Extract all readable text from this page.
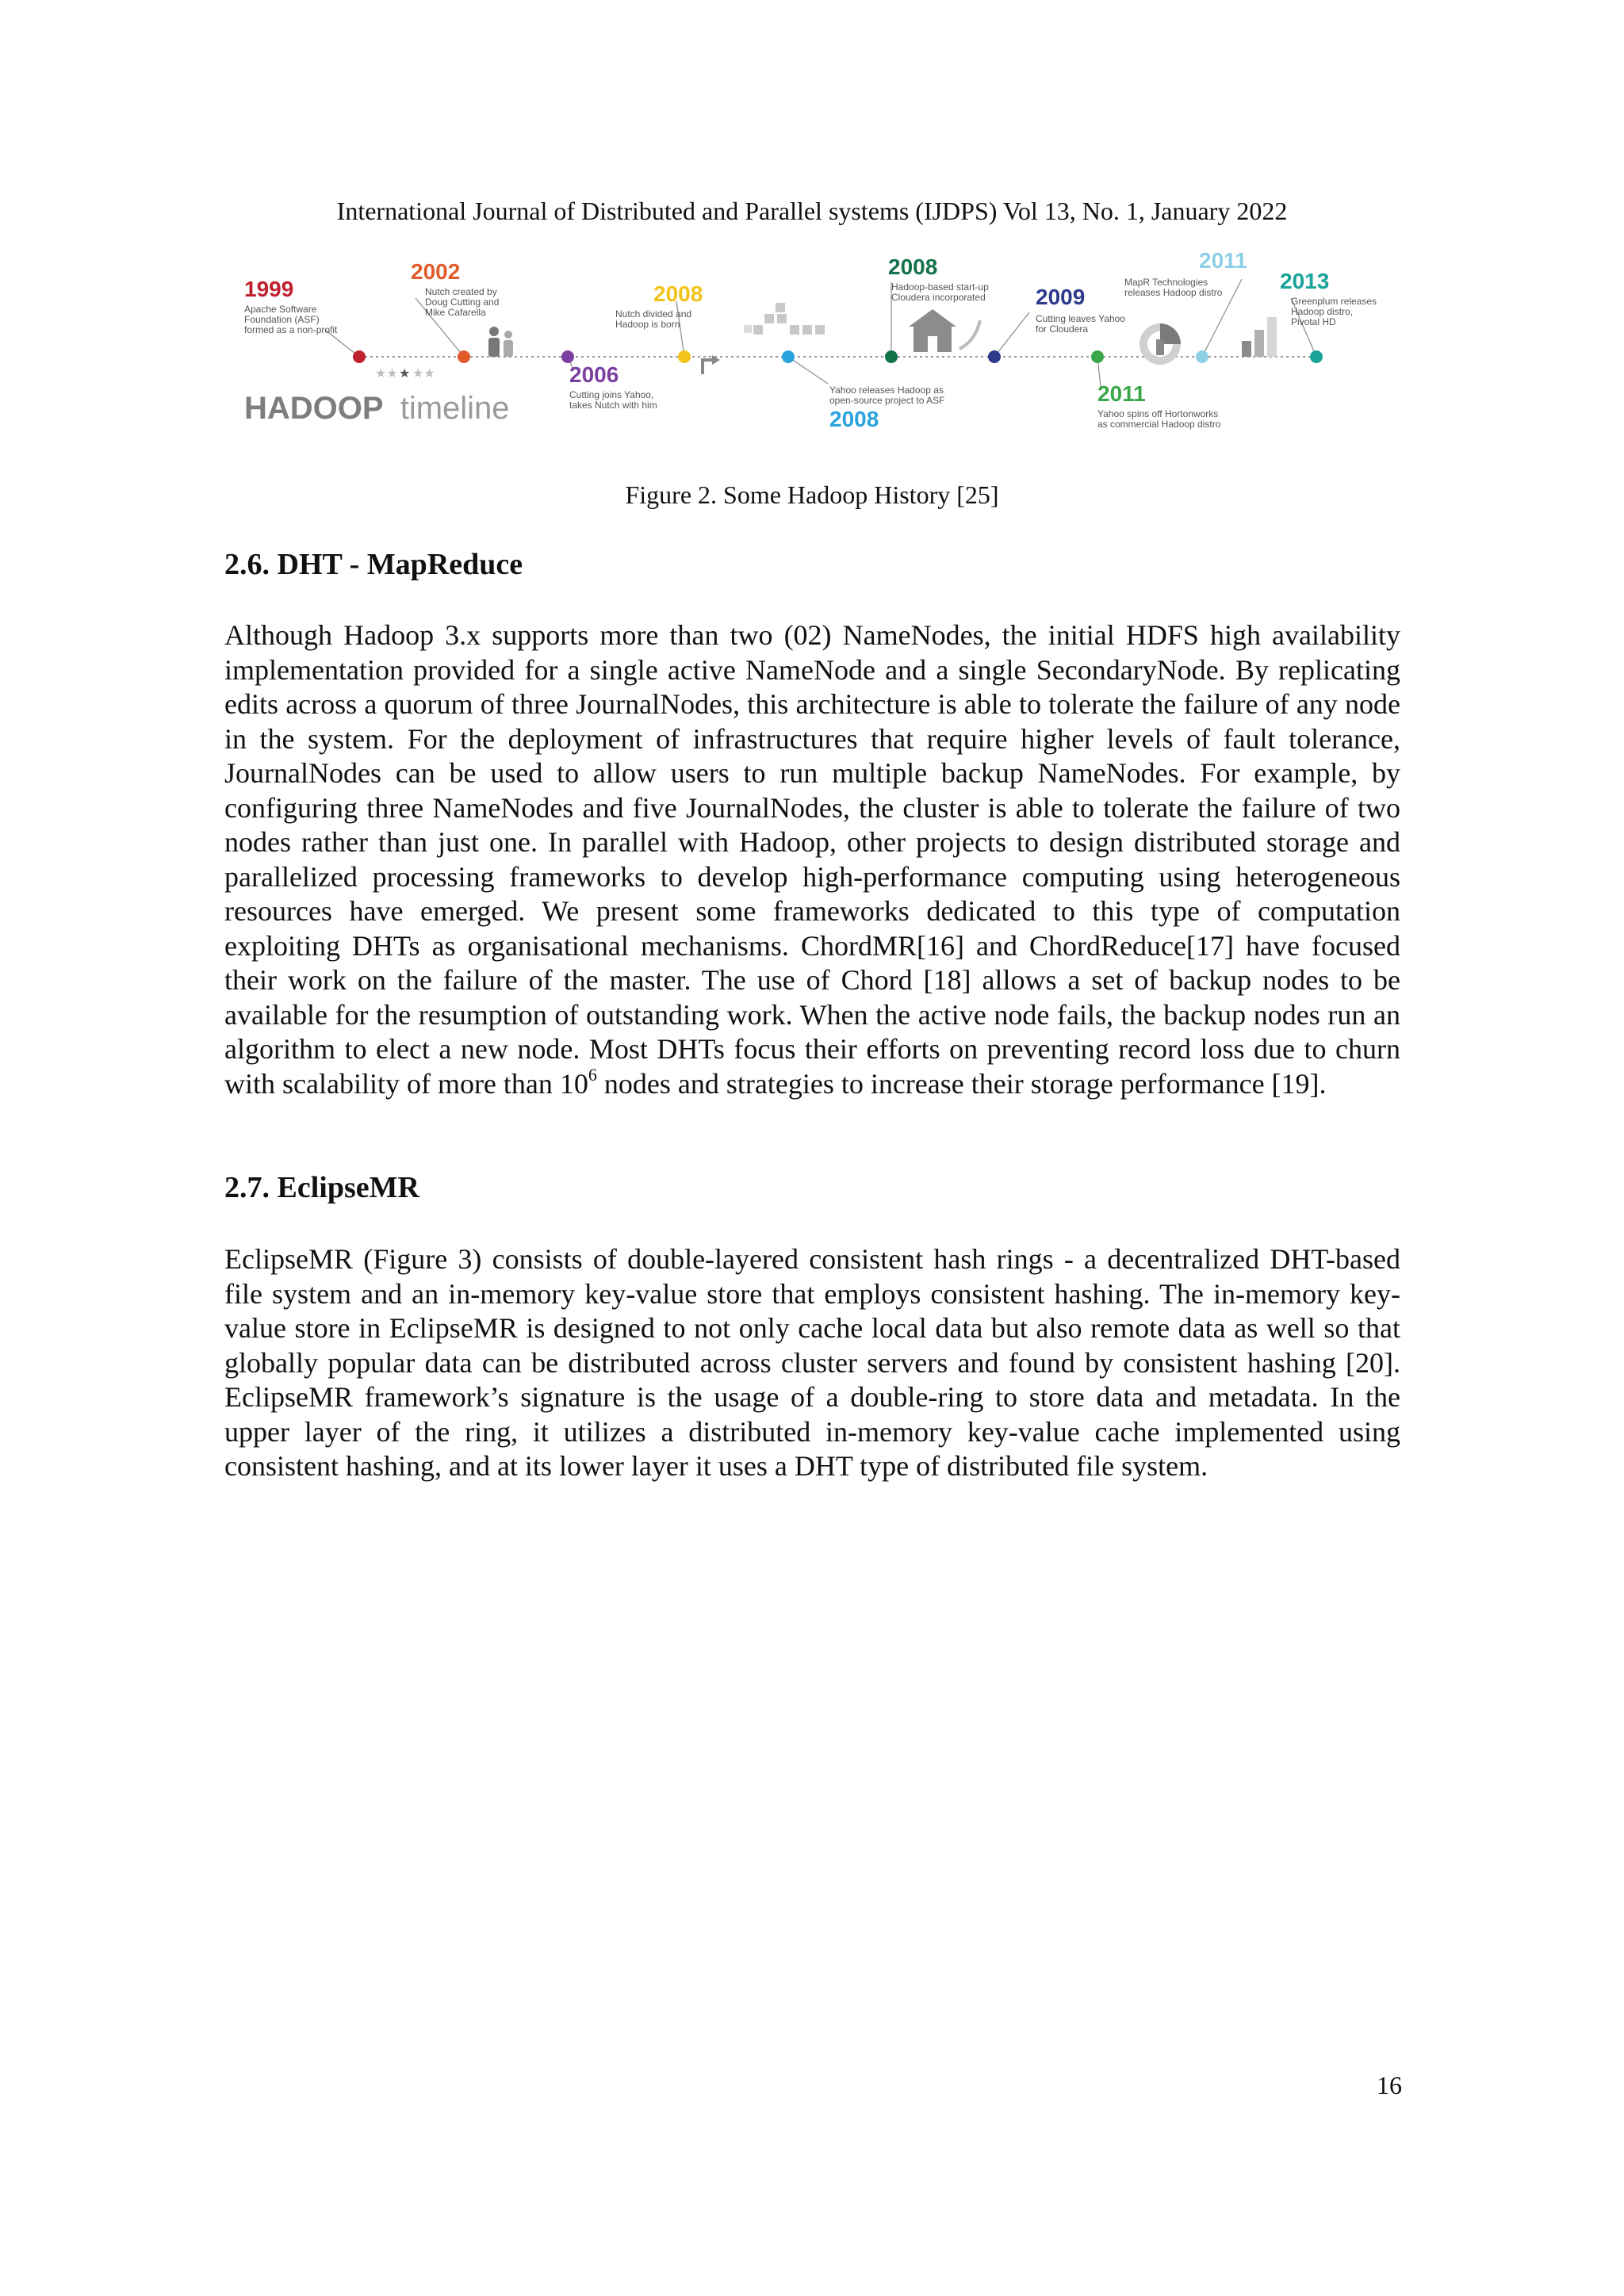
International Journal of Distributed and Parallel systems (IJDPS) Vol 13, No. 1, January 2022
★★ ★ ★★
HADOOP timeline
1999
Apache Software
Foundation (ASF)
formed as a non-profit
2002
Nutch created by
Doug Cutting and
Mike Cafarella
2006
Cutting joins Yahoo,
takes Nutch with him
2008
Nutch divided and
Hadoop is born
2008
Yahoo releases Hadoop as
open-source project to ASF
2008
Hadoop-based start-up
Cloudera incorporated 2009
Cutting leaves Yahoo
for Cloudera
2011
Yahoo spins off Hortonworks
as commercial Hadoop distro
2011
MapR Technologies
releases Hadoop distro	2013
Greenplum releases
Hadoop distro,
Pivotal HD
Figure 2. Some Hadoop History [25]
2.6. DHT - MapReduce

Although Hadoop 3.x supports more than two (02) NameNodes, the initial HDFS high availability implementation provided for a single active NameNode and a single SecondaryNode. By replicating edits across a quorum of three JournalNodes, this architecture is able to tolerate the failure of any node in the system. For the deployment of infrastructures that require higher levels of fault tolerance, JournalNodes can be used to allow users to run multiple backup NameNodes. For example, by configuring three NameNodes and five JournalNodes, the cluster is able to tolerate the failure of two nodes rather than just one. In parallel with Hadoop, other projects to design distributed storage and parallelized processing frameworks to develop high-performance computing using heterogeneous resources have emerged. We present some frameworks dedicated to this type of computation exploiting DHTs as organisational mechanisms. ChordMR[16] and ChordReduce[17] have focused their work on the failure of the master. The use of Chord [18] allows a set of backup nodes to be available for the resumption of outstanding work. When the active node fails, the backup nodes run an algorithm to elect a new node. Most DHTs focus their efforts on preventing record loss due to churn with scalability of more than $10^6$ nodes and strategies to increase their storage performance [19].

2.7. EclipseMR

EclipseMR (Figure 3) consists of double-layered consistent hash rings - a decentralized DHT-based file system and an in-memory key-value store that employs consistent hashing. The in-memory key-value store in EclipseMR is designed to not only cache local data but also remote data as well so that globally popular data can be distributed across cluster servers and found by consistent hashing [20]. EclipseMR framework’s signature is the usage of a double-ring to store data and metadata. In the upper layer of the ring, it utilizes a distributed in-memory key-value cache implemented using consistent hashing, and at its lower layer it uses a DHT type of distributed file system.

16
